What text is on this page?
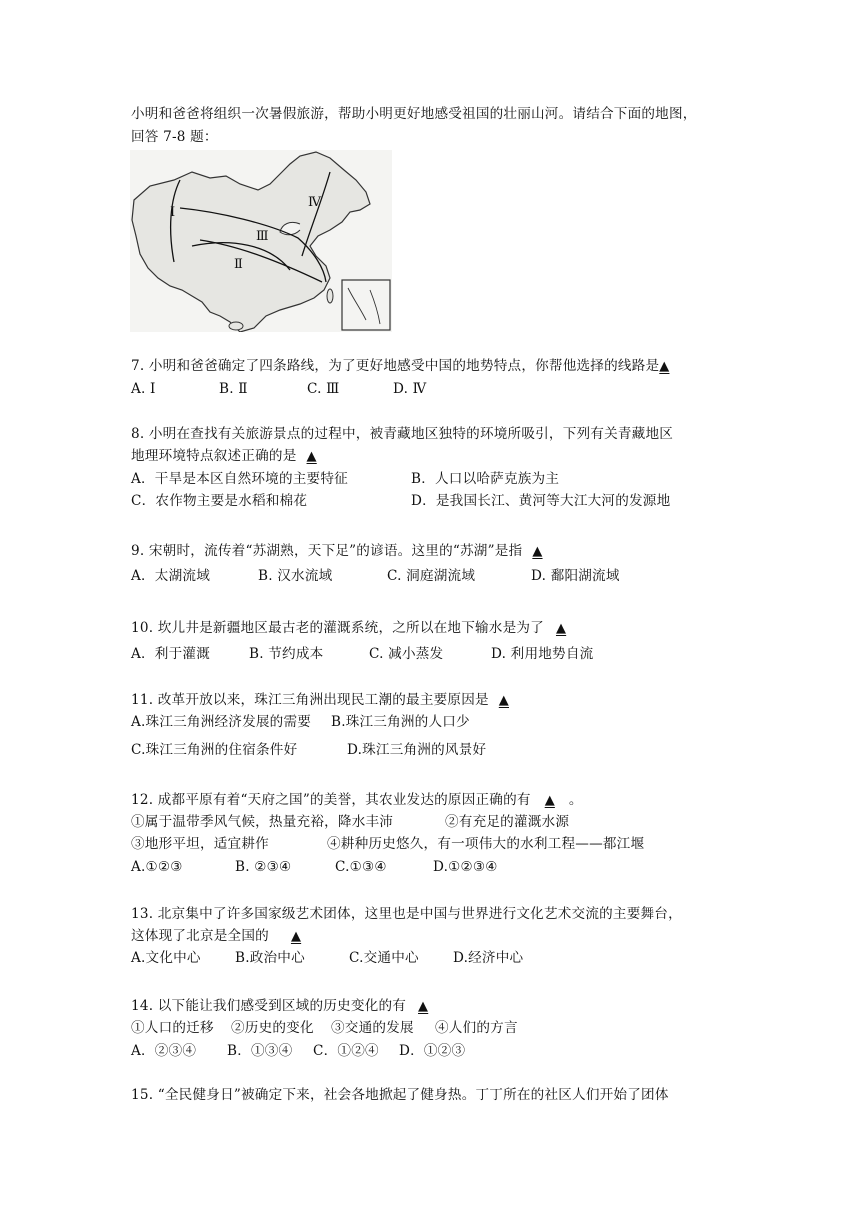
小明和爸爸将组织一次暑假旅游，帮助小明更好地感受祖国的壮丽山河。请结合下面的地图，
回答 7-8 题：
Ⅰ
Ⅱ
Ⅲ
Ⅳ
7. 小明和爸爸确定了四条路线，为了更好地感受中国的地势特点，你帮他选择的线路是▲
A. Ⅰ	B. Ⅱ	C. Ⅲ	D. Ⅳ
8. 小明在查找有关旅游景点的过程中，被青藏地区独特的环境所吸引，下列有关青藏地区
地理环境特点叙述正确的是 ▲
A．干旱是本区自然环境的主要特征	B．人口以哈萨克族为主
C．农作物主要是水稻和棉花	D．是我国长江、黄河等大江大河的发源地
9. 宋朝时，流传着“苏湖熟，天下足”的谚语。这里的“苏湖”是指 ▲
A．太湖流域	B. 汉水流域	C. 洞庭湖流域	D. 鄱阳湖流域
10. 坎儿井是新疆地区最古老的灌溉系统，之所以在地下输水是为了 ▲
A．利于灌溉	B. 节约成本	C. 减小蒸发	D. 利用地势自流
11. 改革开放以来，珠江三角洲出现民工潮的最主要原因是 ▲
A.珠江三角洲经济发展的需要 B.珠江三角洲的人口少
C.珠江三角洲的住宿条件好	D.珠江三角洲的风景好
12. 成都平原有着“天府之国”的美誉，其农业发达的原因正确的有 ▲ 。
①属于温带季风气候，热量充裕，降水丰沛	②有充足的灌溉水源
③地形平坦，适宜耕作	④耕种历史悠久，有一项伟大的水利工程——都江堰
A.①②③	B. ②③④	C.①③④	D.①②③④
13. 北京集中了许多国家级艺术团体，这里也是中国与世界进行文化艺术交流的主要舞台，
这体现了北京是全国的 ▲
A.文化中心	B.政治中心	C.交通中心	D.经济中心
14. 以下能让我们感受到区域的历史变化的有 ▲
①人口的迁移 ②历史的变化 ③交通的发展 ④人们的方言
A．②③④ B．①③④ C．①②④ D．①②③
15. “全民健身日”被确定下来，社会各地掀起了健身热。丁丁所在的社区人们开始了团体
